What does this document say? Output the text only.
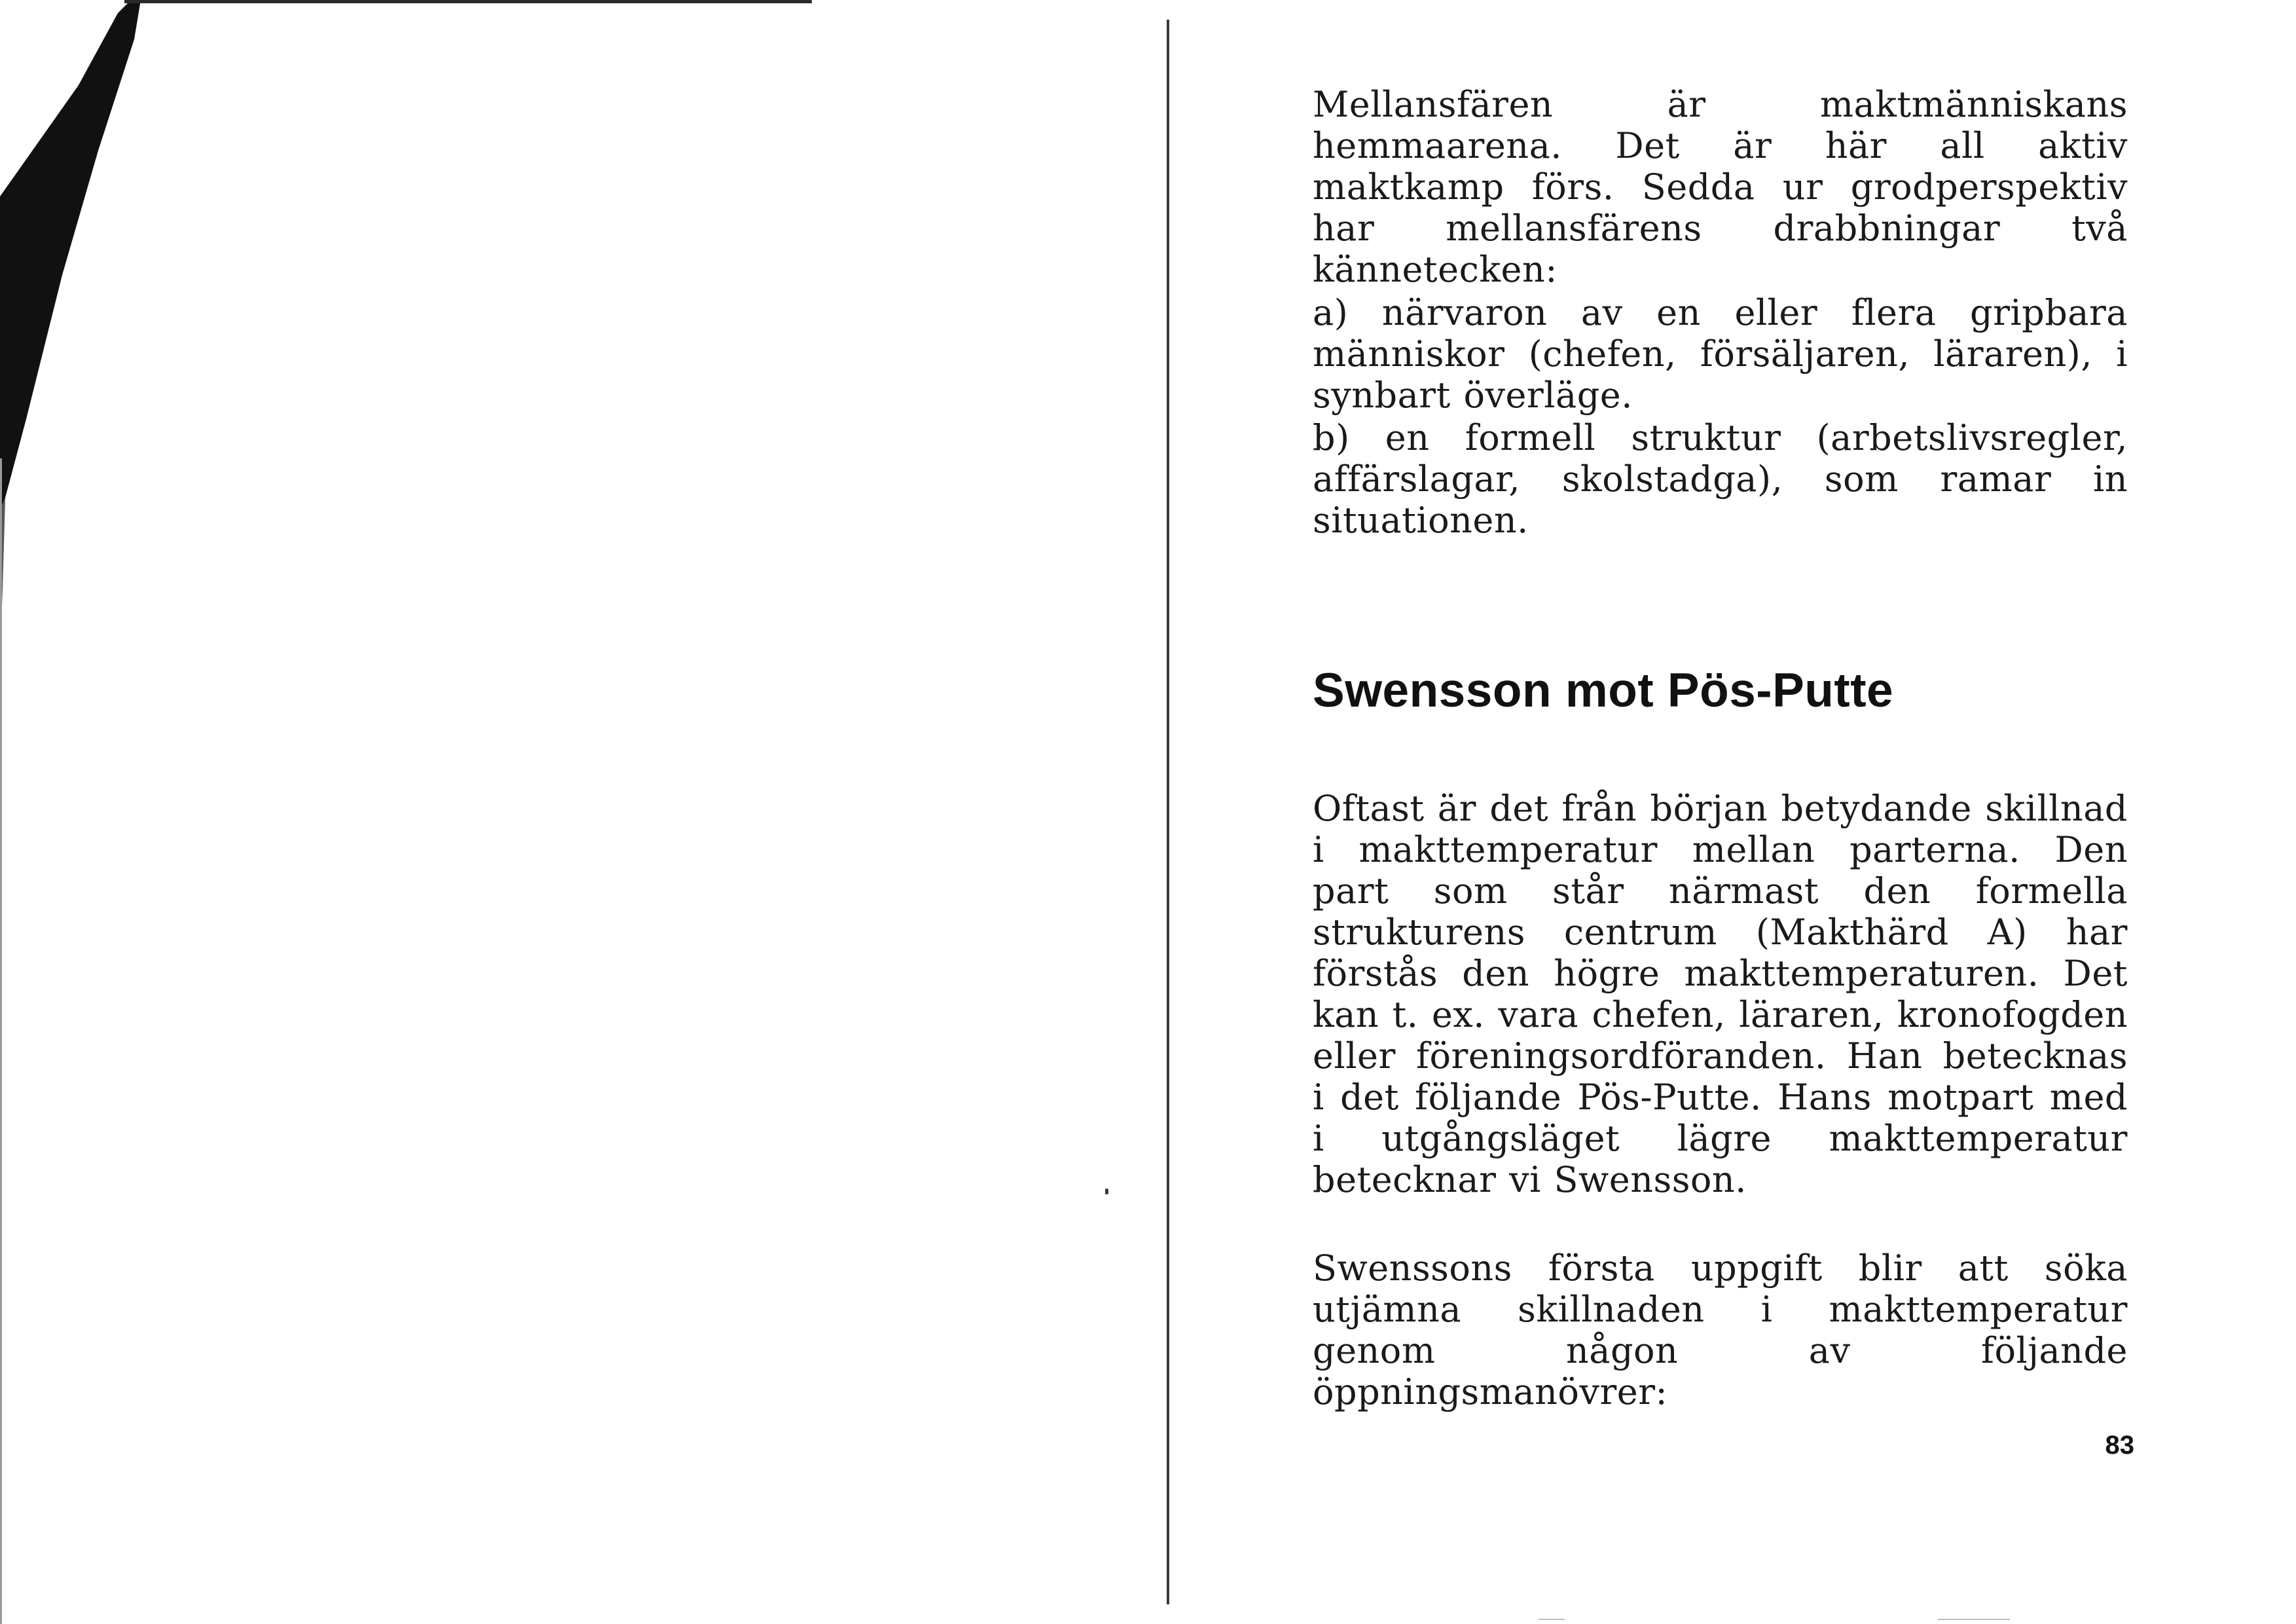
Mellansfären är maktmänniskans hemmaarena. Det är här all aktiv maktkamp förs. Sedda ur grodperspektiv har mellansfärens drabbningar två kännetecken:

a) närvaron av en eller flera gripbara människor (chefen, försäljaren, läraren), i synbart överläge.

b) en formell struktur (arbetslivsregler, affärslagar, skolstadga), som ramar in situationen.

Swensson mot Pös-Putte

Oftast är det från början betydande skillnad i makttemperatur mellan parterna. Den part som står närmast den formella strukturens centrum (Makthärd A) har förstås den högre makttemperaturen. Det kan t. ex. vara chefen, läraren, kronofogden eller föreningsordföranden. Han betecknas i det följande Pös-Putte. Hans motpart med i utgångsläget lägre makttemperatur betecknar vi Swensson.

Swenssons första uppgift blir att söka utjämna skillnaden i makttemperatur genom någon av följande öppningsmanövrer:

83
